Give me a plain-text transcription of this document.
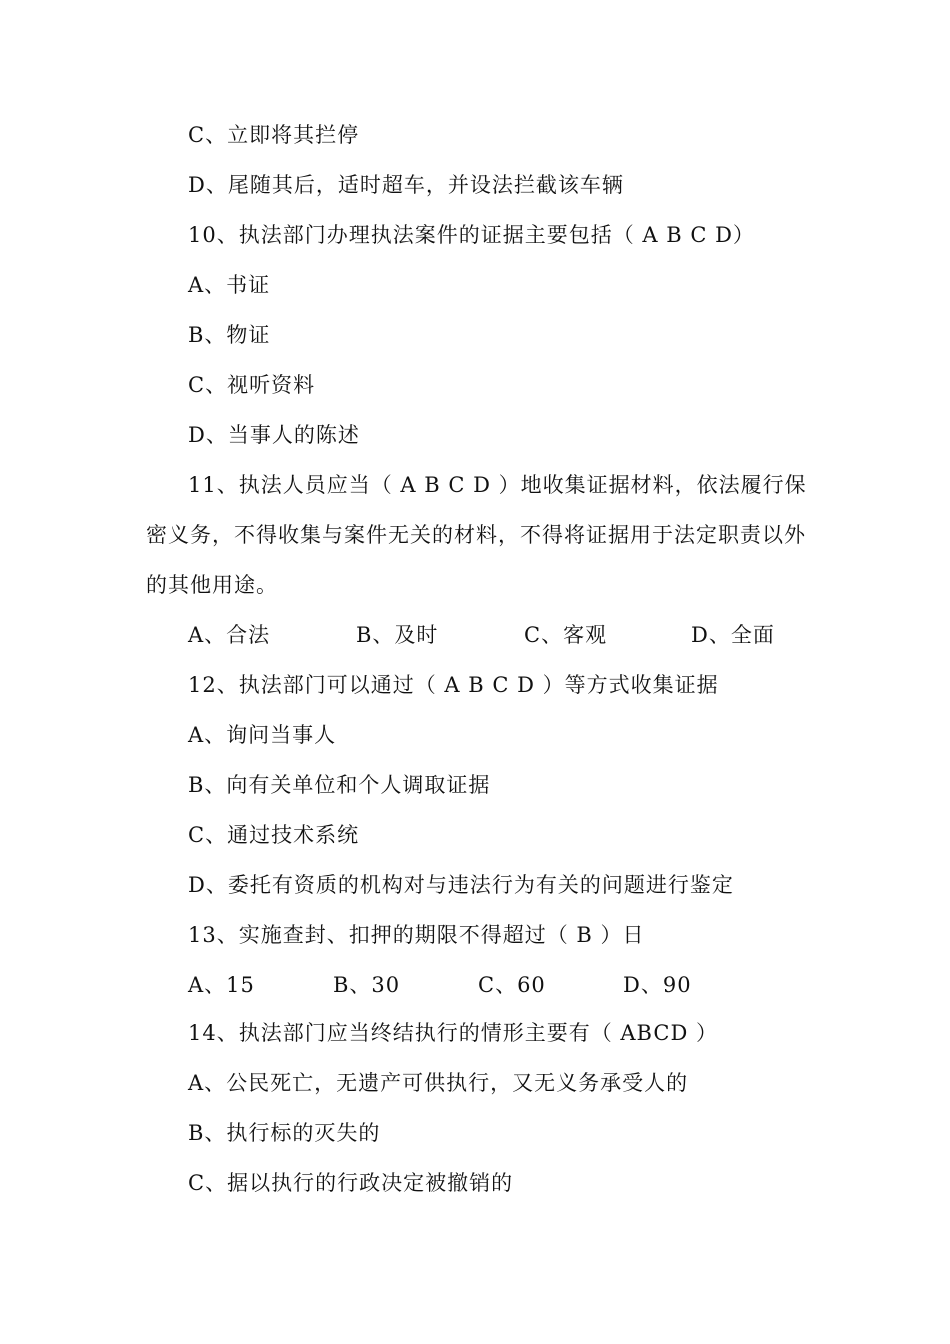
C、立即将其拦停
D、尾随其后，适时超车，并设法拦截该车辆
10、执法部门办理执法案件的证据主要包括（ A B C D）
A、书证
B、物证
C、视听资料
D、当事人的陈述
11、执法人员应当（ A B C D ）地收集证据材料，依法履行保
密义务，不得收集与案件无关的材料，不得将证据用于法定职责以外
的其他用途。
A、合法	B、及时	C、客观	D、全面
12、执法部门可以通过（ A B C D ）等方式收集证据
A、询问当事人
B、向有关单位和个人调取证据
C、通过技术系统
D、委托有资质的机构对与违法行为有关的问题进行鉴定
13、实施查封、扣押的期限不得超过（ B ）日
A、15	B、30	C、60	D、90
14、执法部门应当终结执行的情形主要有（ ABCD ）
A、公民死亡，无遗产可供执行，又无义务承受人的
B、执行标的灭失的
C、据以执行的行政决定被撤销的
